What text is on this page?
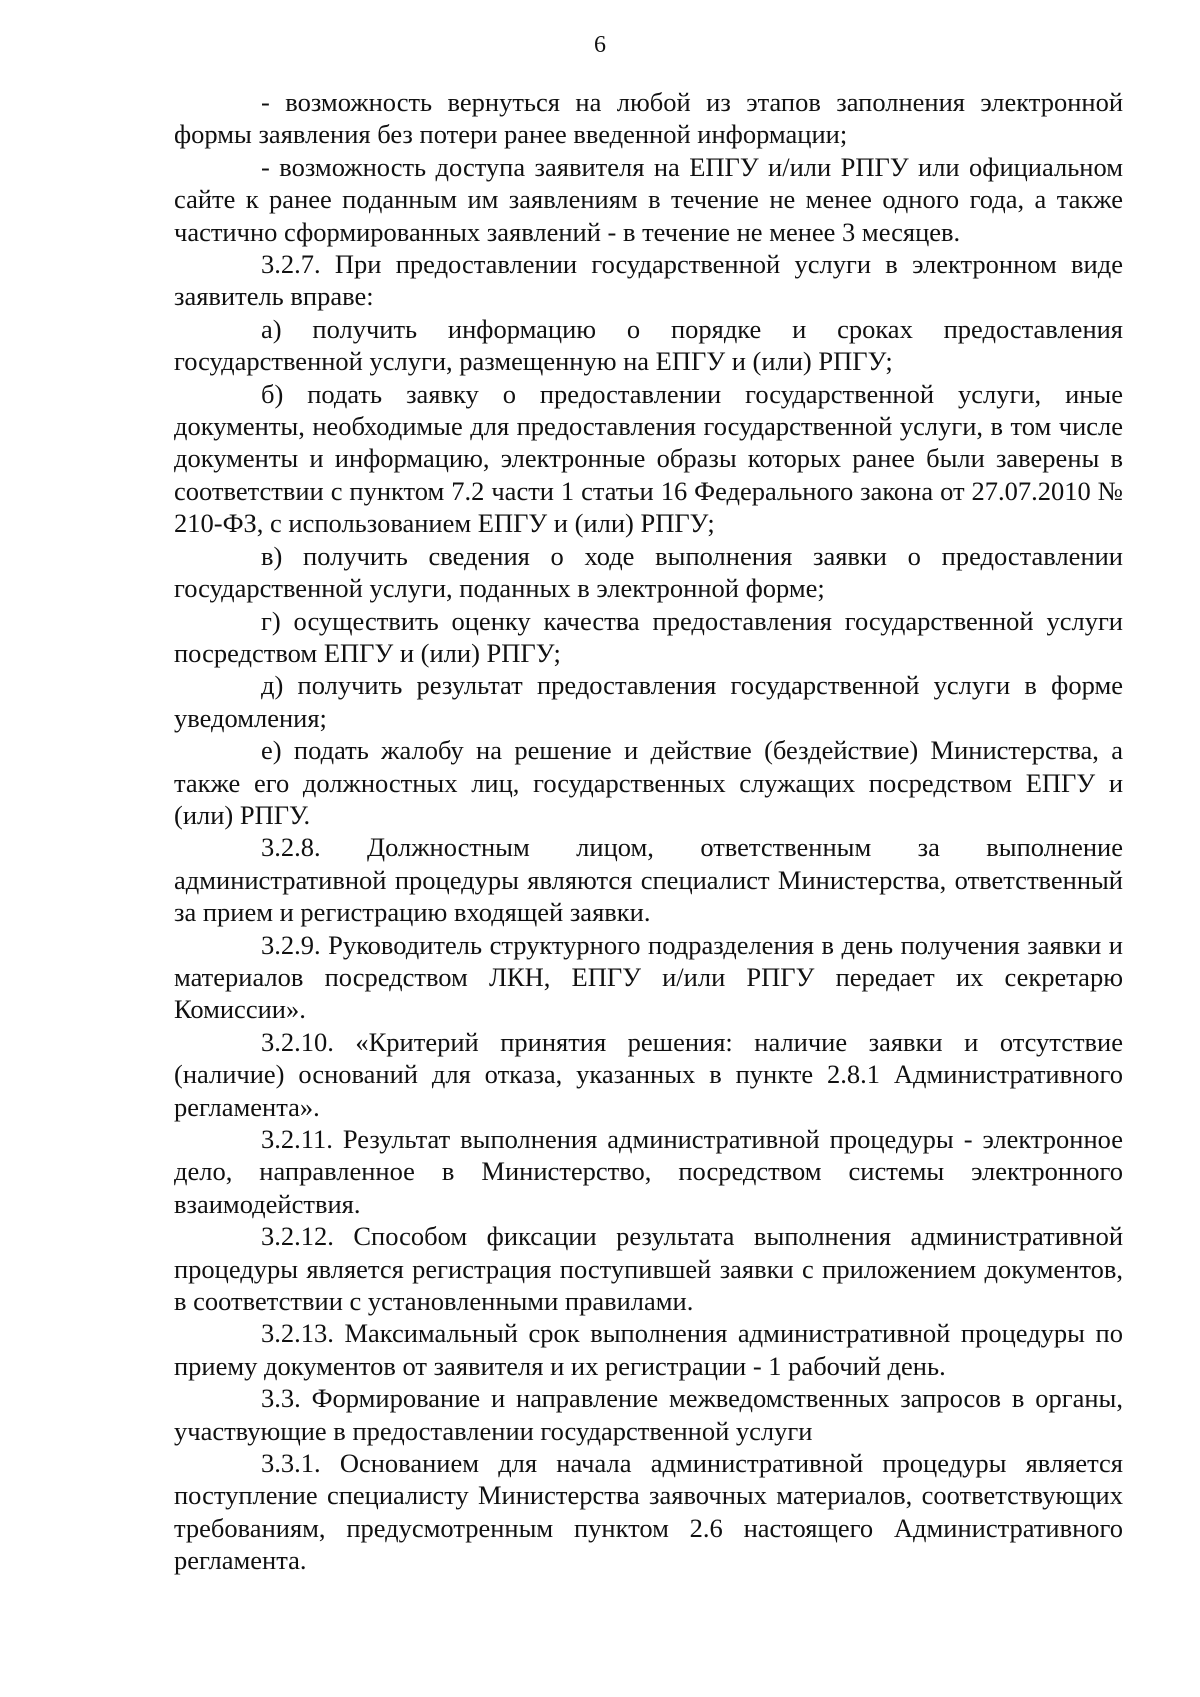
6

- возможность вернуться на любой из этапов заполнения электронной формы заявления без потери ранее введенной информации;

- возможность доступа заявителя на ЕПГУ и/или РПГУ или официальном сайте к ранее поданным им заявлениям в течение не менее одного года, а также частично сформированных заявлений - в течение не менее 3 месяцев.

3.2.7. При предоставлении государственной услуги в электронном виде заявитель вправе:

а) получить информацию о порядке и сроках предоставления государственной услуги, размещенную на ЕПГУ и (или) РПГУ;

б) подать заявку о предоставлении государственной услуги, иные документы, необходимые для предоставления государственной услуги, в том числе документы и информацию, электронные образы которых ранее были заверены в соответствии с пунктом 7.2 части 1 статьи 16 Федерального закона от 27.07.2010 № 210-ФЗ, с использованием ЕПГУ и (или) РПГУ;

в) получить сведения о ходе выполнения заявки о предоставлении государственной услуги, поданных в электронной форме;

г) осуществить оценку качества предоставления государственной услуги посредством ЕПГУ и (или) РПГУ;

д) получить результат предоставления государственной услуги в форме уведомления;

е) подать жалобу на решение и действие (бездействие) Министерства, а также его должностных лиц, государственных служащих посредством ЕПГУ и (или) РПГУ.

3.2.8. Должностным лицом, ответственным за выполнение административной процедуры являются специалист Министерства, ответственный за прием и регистрацию входящей заявки.

3.2.9. Руководитель структурного подразделения в день получения заявки и материалов посредством ЛКН, ЕПГУ и/или РПГУ передает их секретарю Комиссии».

3.2.10. «Критерий принятия решения: наличие заявки и отсутствие (наличие) оснований для отказа, указанных в пункте 2.8.1 Административного регламента».

3.2.11. Результат выполнения административной процедуры - электронное дело, направленное в Министерство, посредством системы электронного взаимодействия.

3.2.12. Способом фиксации результата выполнения административной процедуры является регистрация поступившей заявки с приложением документов, в соответствии с установленными правилами.

3.2.13. Максимальный срок выполнения административной процедуры по приему документов от заявителя и их регистрации - 1 рабочий день.

3.3. Формирование и направление межведомственных запросов в органы, участвующие в предоставлении государственной услуги

3.3.1. Основанием для начала административной процедуры является поступление специалисту Министерства заявочных материалов, соответствующих требованиям, предусмотренным пунктом 2.6 настоящего Административного регламента.
